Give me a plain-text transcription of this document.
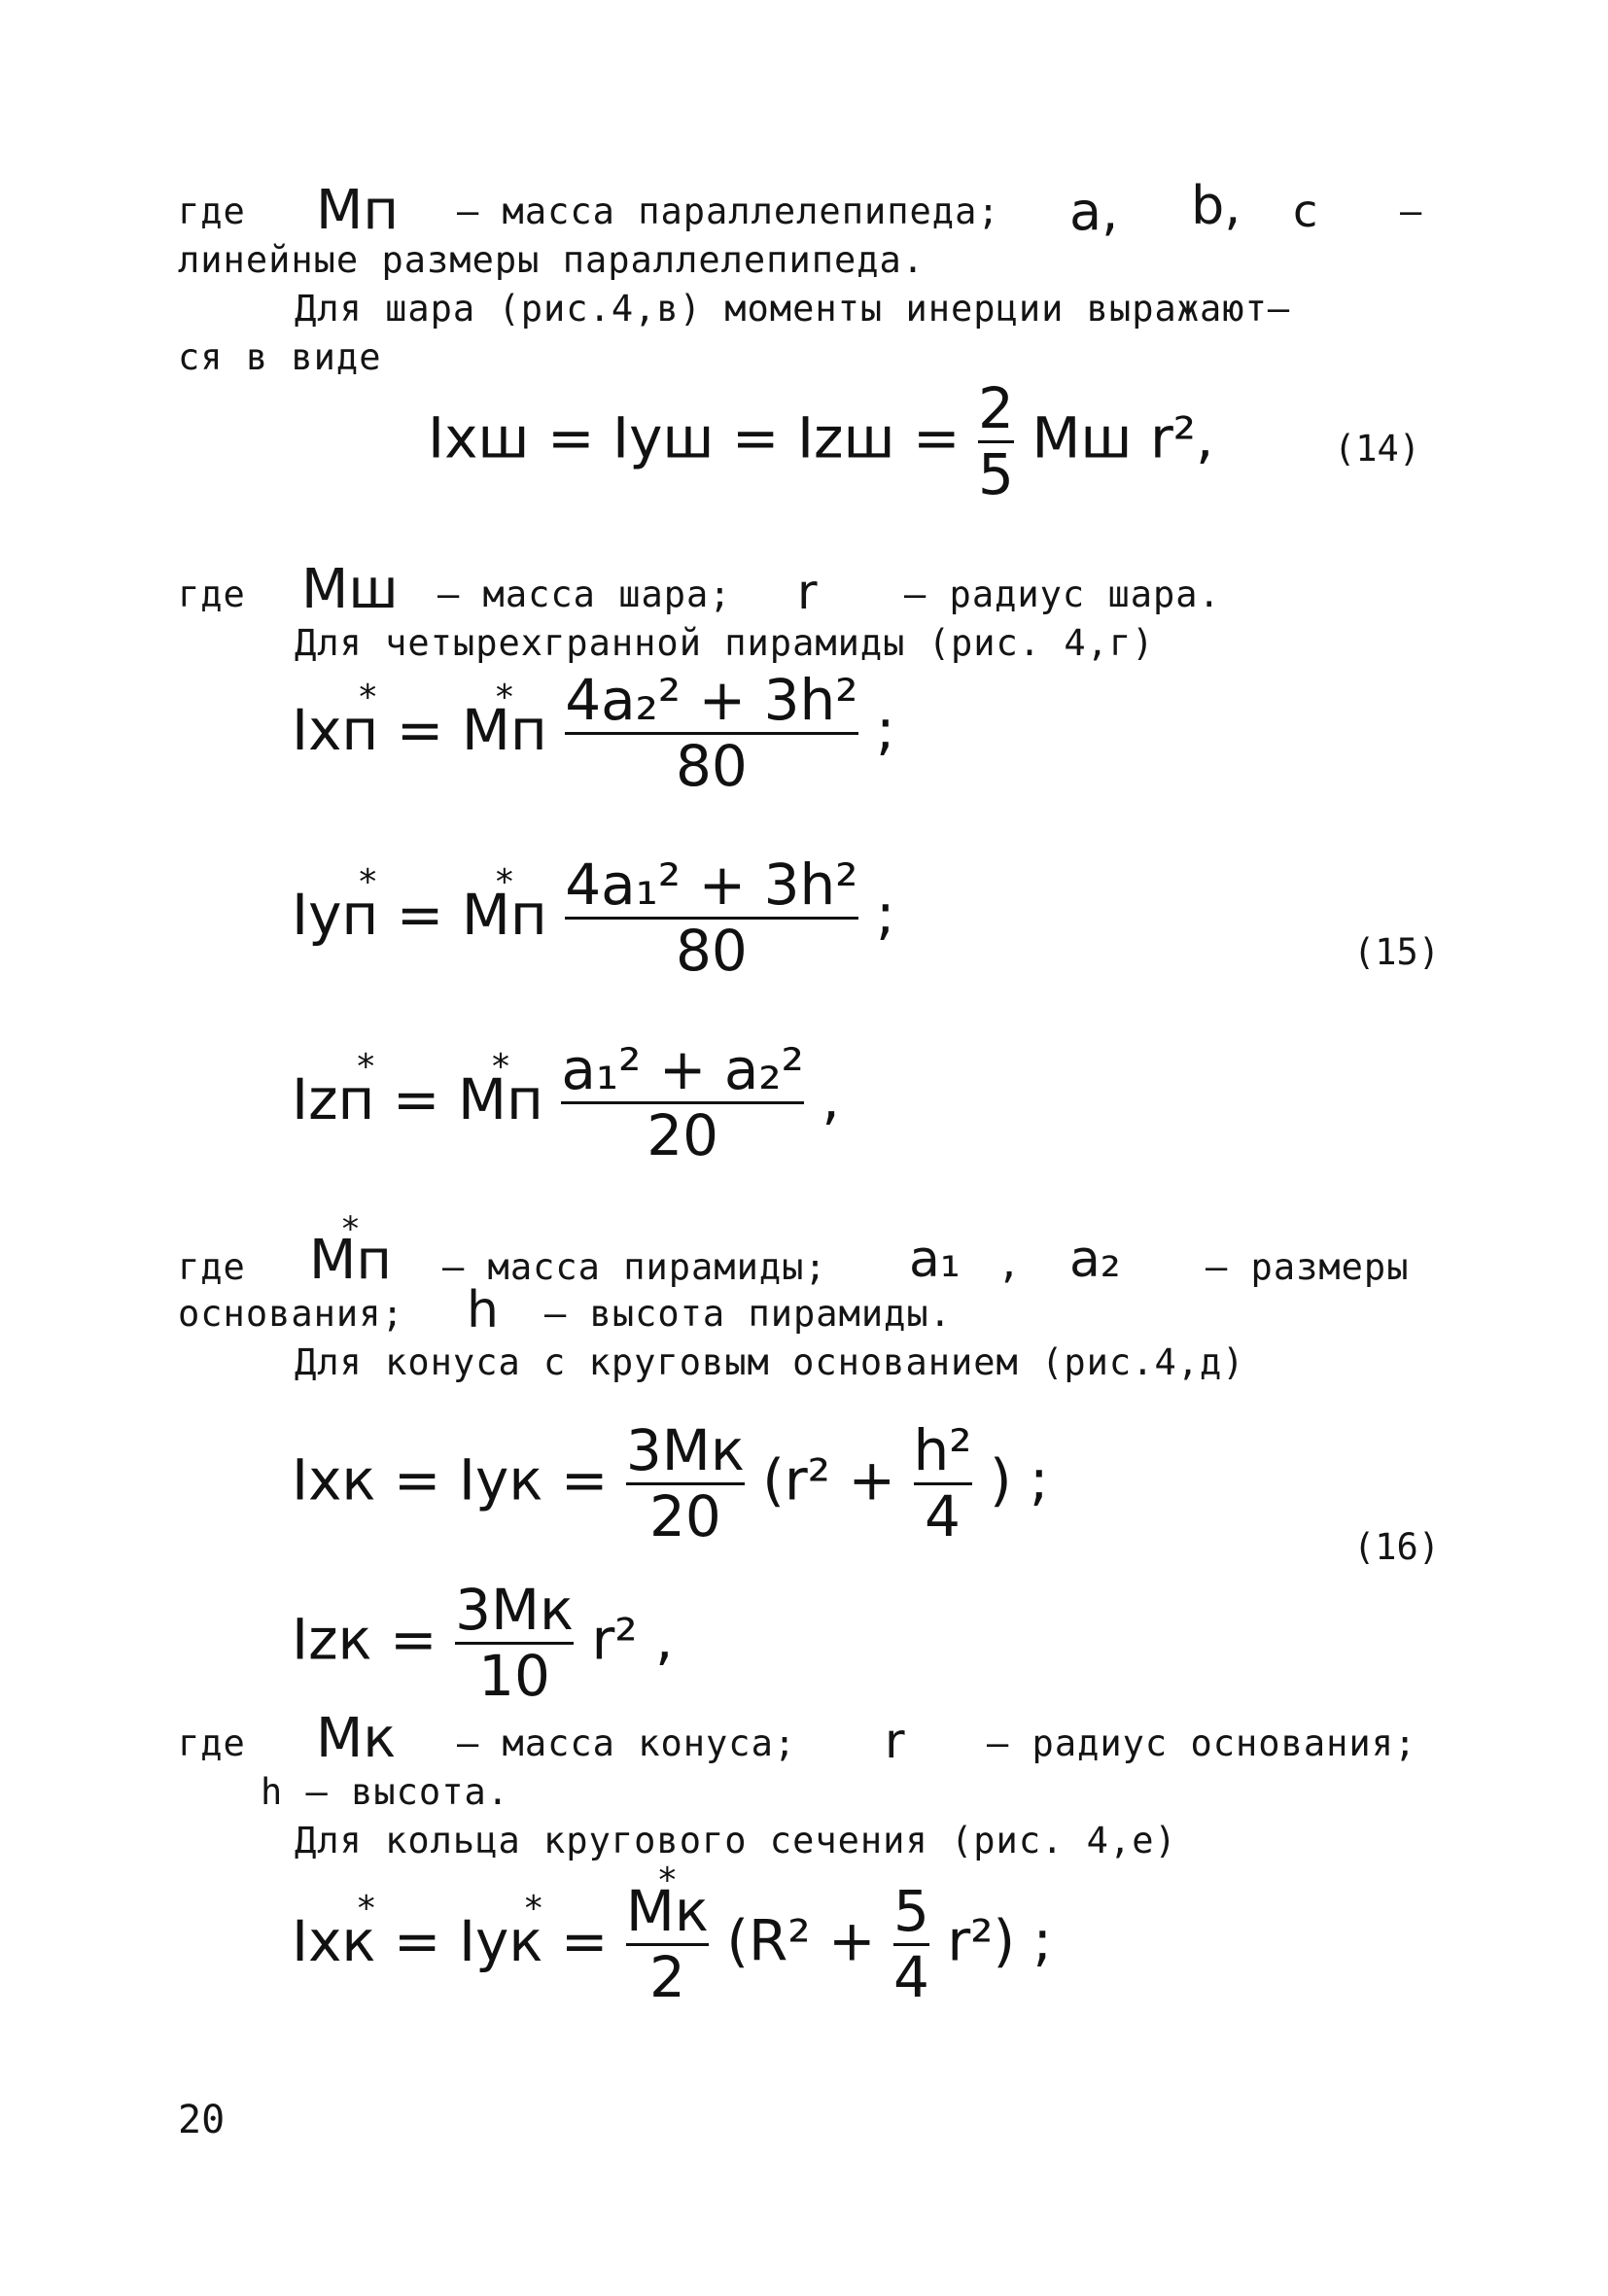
где Mп – масса параллелепипеда; a, b, c –
линейные размеры параллелепипеда.
Для шара (рис.4,в) моменты инерции выражают–
ся в виде
Iхш = Iуш = Izш = $\frac{2}{5}$ Mш r²,	(14)
где Mш – масса шара; r – радиус шара.
Для четырехгранной пирамиды (рис. 4,г)
* Ixп = * Mп $\frac{\text{4a₂² + 3h²}}{80}$ ;
* Iуп = * Mп $\frac{\text{4a₁² + 3h²}}{80}$ ;
(15)
* Izп = * Mп $\frac{\text{a₁² + a₂²}}{20}$ ,
где * Mп – масса пирамиды; a₁ , a₂ – размеры
основания; h – высота пирамиды.
Для конуса с круговым основанием (рис.4,д)
Ixк = Iук = $\frac{3Mк}{20} (r^2 + \frac{\text{h²}}{4}$ ) ;
(16)
Izк = $\frac{3Mк}{10} r^2$ ,
где Mк – масса конуса; r – радиус основания;
h – высота.
Для кольца кругового сечения (рис. 4,е)
* Ixк = * Iук = * $\frac{Mк}{2} (R^2 + \frac{5}{4} r^2)$ ;
20
